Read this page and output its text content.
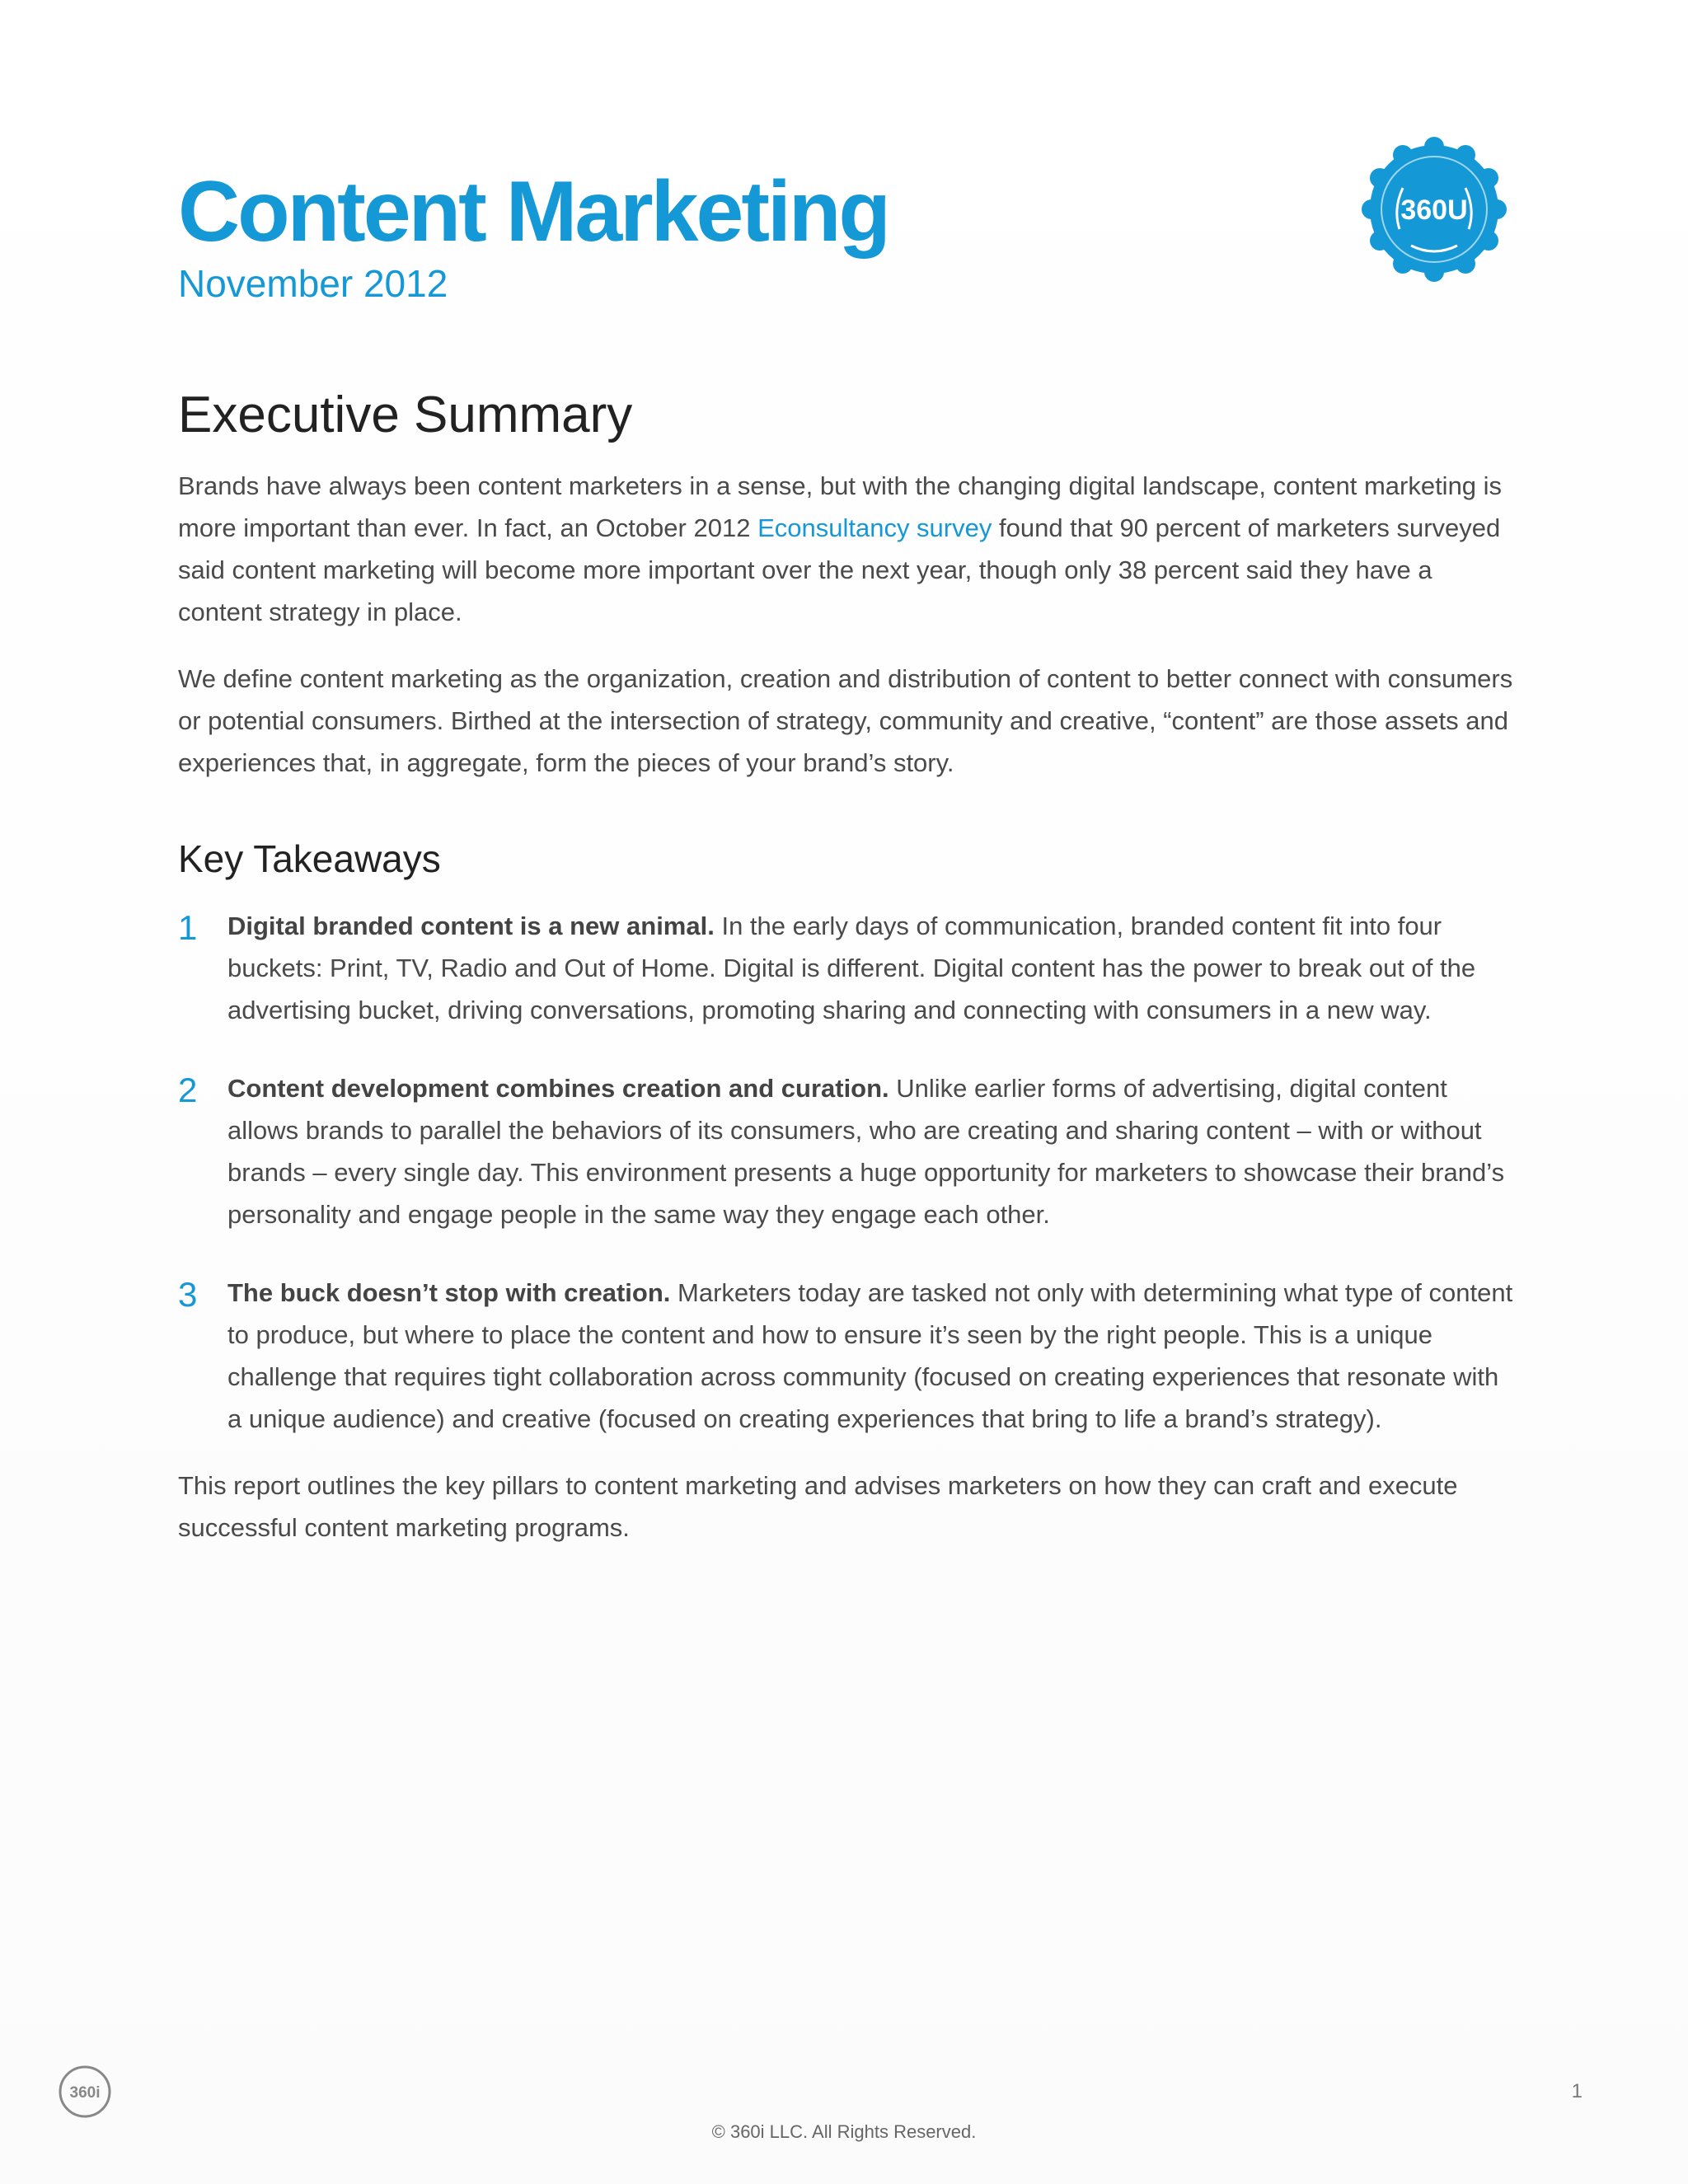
Content Marketing
November 2012
360U
Executive Summary

Brands have always been content marketers in a sense, but with the changing digital landscape, content marketing is more important than ever. In fact, an October 2012 Econsultancy survey found that 90 percent of marketers surveyed said content marketing will become more important over the next year, though only 38 percent said they have a content strategy in place.

We define content marketing as the organization, creation and distribution of content to better connect with consumers or potential consumers. Birthed at the intersection of strategy, community and creative, “content” are those assets and experiences that, in aggregate, form the pieces of your brand’s story.

Key Takeaways
1 Digital branded content is a new animal. In the early days of communication, branded content fit into four buckets: Print, TV, Radio and Out of Home. Digital is different. Digital content has the power to break out of the advertising bucket, driving conversations, promoting sharing and connecting with consumers in a new way.

2 Content development combines creation and curation. Unlike earlier forms of advertising, digital content allows brands to parallel the behaviors of its consumers, who are creating and sharing content – with or without brands – every single day. This environment presents a huge opportunity for marketers to showcase their brand’s personality and engage people in the same way they engage each other.

3 The buck doesn’t stop with creation. Marketers today are tasked not only with determining what type of content to produce, but where to place the content and how to ensure it’s seen by the right people. This is a unique challenge that requires tight collaboration across community (focused on creating experiences that resonate with a unique audience) and creative (focused on creating experiences that bring to life a brand’s strategy).

This report outlines the key pillars to content marketing and advises marketers on how they can craft and execute successful content marketing programs.

360i	1
© 360i LLC. All Rights Reserved.
